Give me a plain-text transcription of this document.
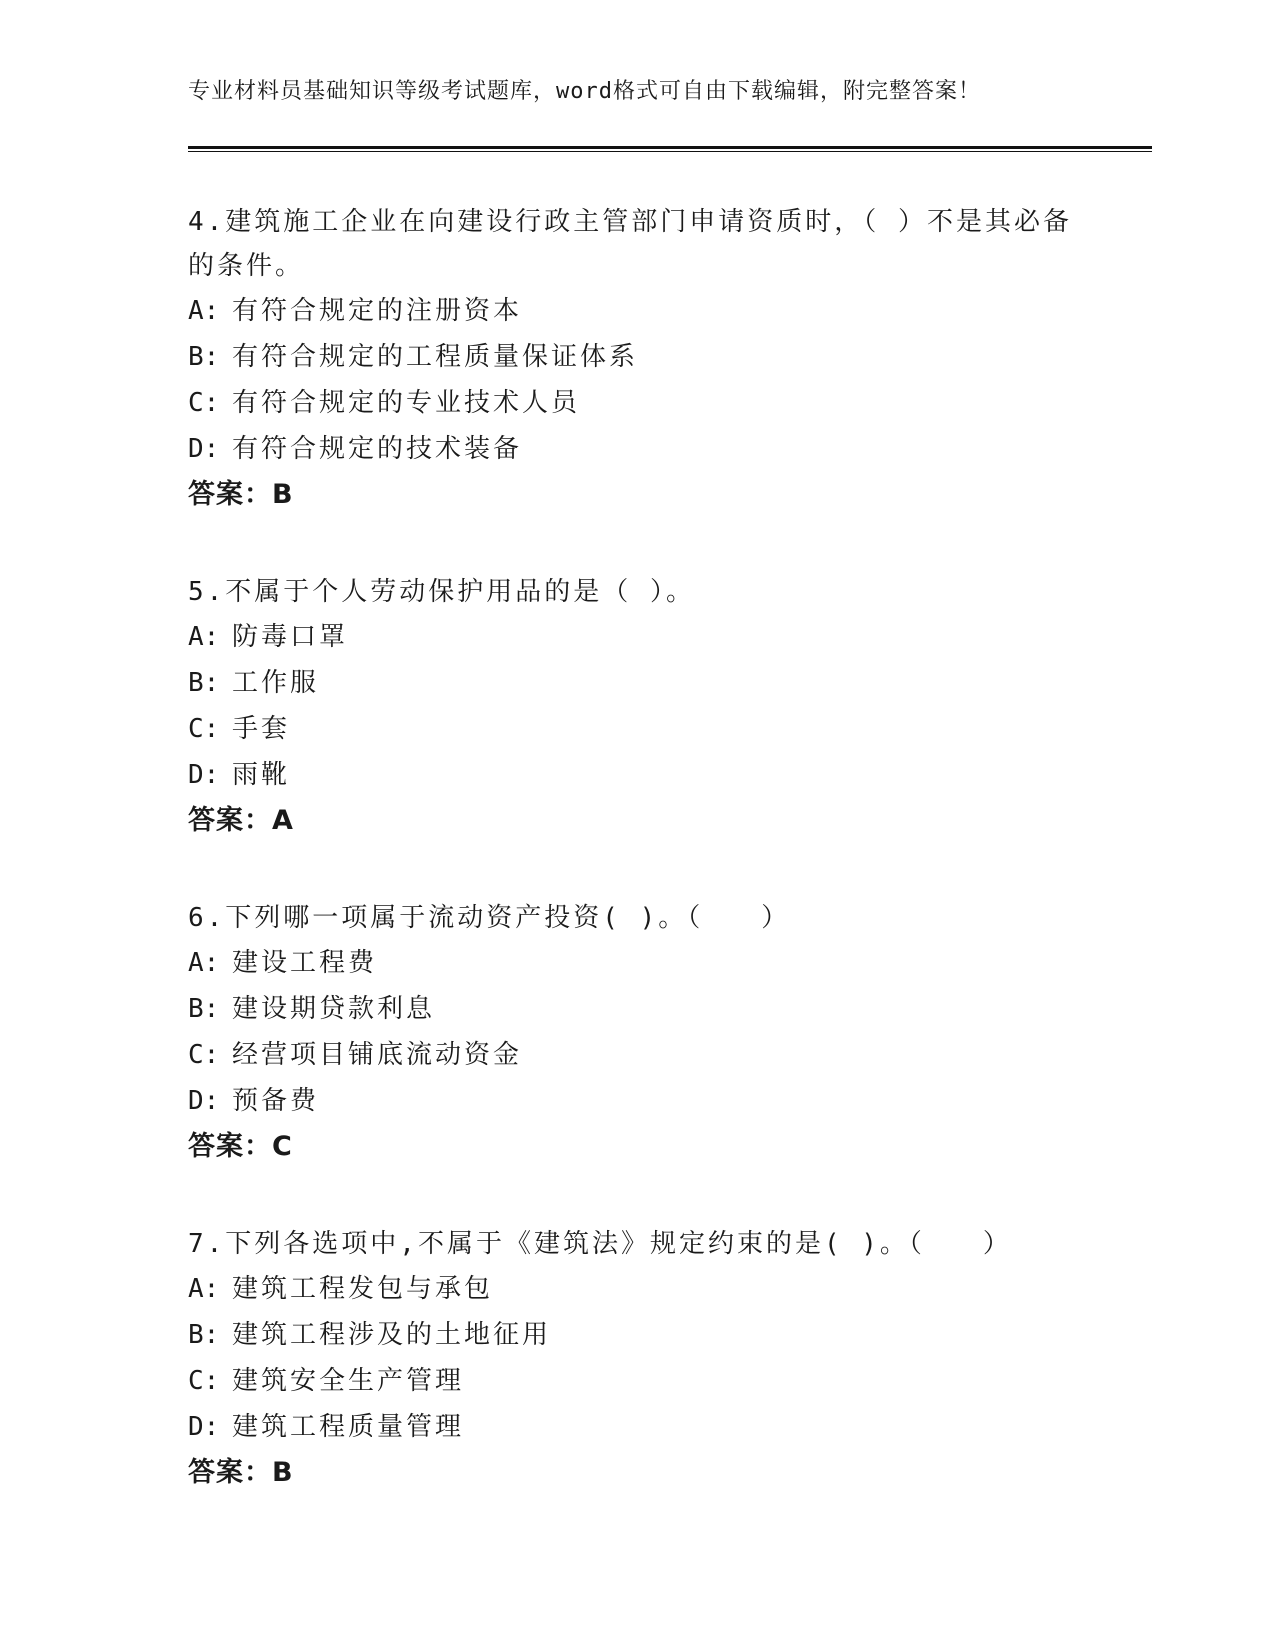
专业材料员基础知识等级考试题库，word格式可自由下载编辑，附完整答案！
4.建筑施工企业在向建设行政主管部门申请资质时，（ ）不是其必备的条件。
A: 有符合规定的注册资本
B: 有符合规定的工程质量保证体系
C: 有符合规定的专业技术人员
D: 有符合规定的技术装备
答案：B
5.不属于个人劳动保护用品的是（ ）。
A: 防毒口罩
B: 工作服
C: 手套
D: 雨靴
答案：A
6.下列哪一项属于流动资产投资( )。（　　）
A: 建设工程费
B: 建设期贷款利息
C: 经营项目铺底流动资金
D: 预备费
答案：C
7.下列各选项中,不属于《建筑法》规定约束的是( )。（　　）
A: 建筑工程发包与承包
B: 建筑工程涉及的土地征用
C: 建筑安全生产管理
D: 建筑工程质量管理
答案：B
